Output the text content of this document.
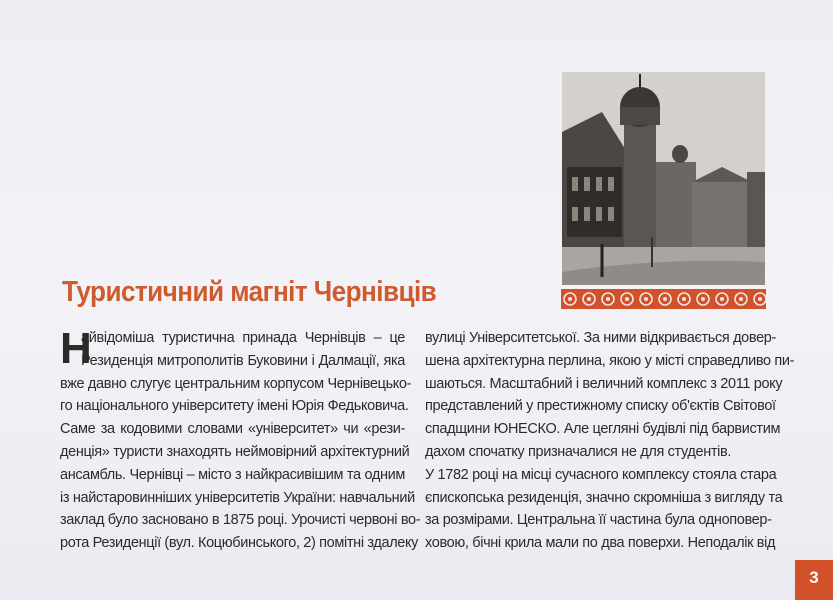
Туристичний магніт Чернівців
Н
айвідоміша туристична принада Чернівців – це
Резиденція митрополитів Буковини і Далмації, яка
вже давно слугує центральним корпусом Чернівецько-
го національного університету імені Юрія Федьковича.
Саме за кодовими словами «університет» чи «рези-
денція» туристи знаходять неймовірний архітектурний
ансамбль. Чернівці – місто з найкрасивішим та одним
із найстаровинніших університетів України: навчальний
заклад було засновано в 1875 році. Урочисті червоні во-
рота Резиденції (вул. Коцюбинського, 2) помітні здалеку
вулиці Університетської. За ними відкривається довер-
шена архітектурна перлина, якою у місті справедливо пи-
шаються. Масштабний і величний комплекс з 2011 року
представлений у престижному списку об'єктів Світової
спадщини ЮНЕСКО. Але цегляні будівлі під барвистим
дахом спочатку призначалися не для студентів.
У 1782 році на місці сучасного комплексу стояла стара
єпископська резиденція, значно скромніша з вигляду та
за розмірами. Центральна її частина була одноповер-
ховою, бічні крила мали по два поверхи. Неподалік від
3
